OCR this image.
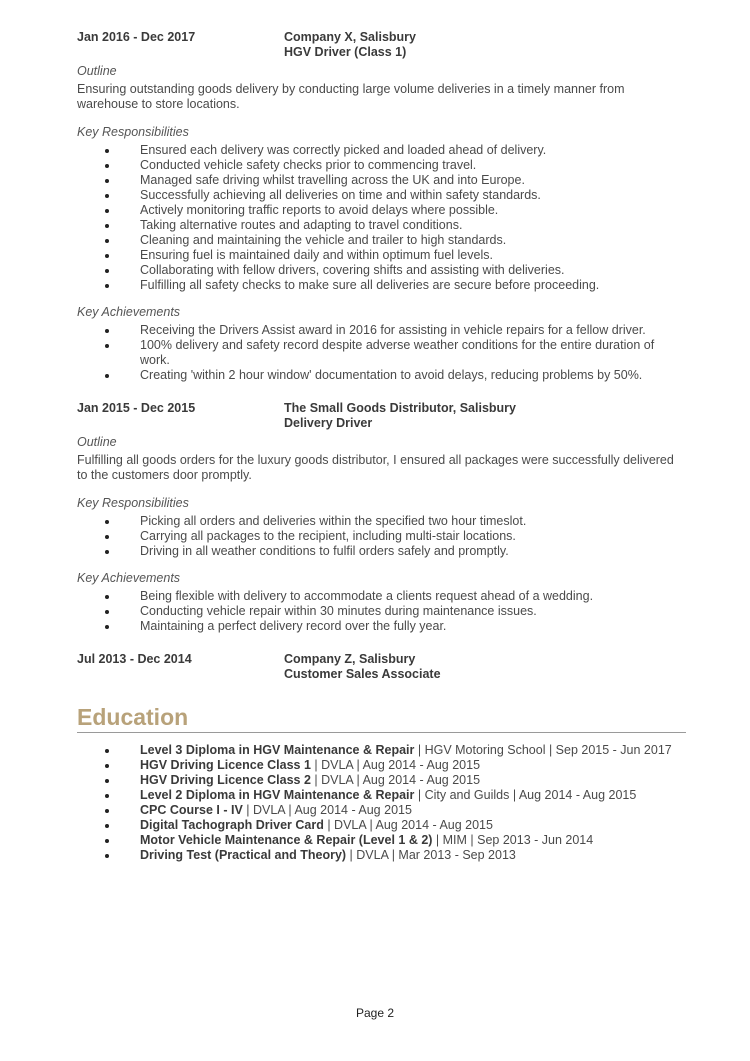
Jan 2016 - Dec 2017	Company X, Salisbury
HGV Driver (Class 1)
Outline

Ensuring outstanding goods delivery by conducting large volume deliveries in a timely manner from warehouse to store locations.

Key Responsibilities
Ensured each delivery was correctly picked and loaded ahead of delivery.
Conducted vehicle safety checks prior to commencing travel.
Managed safe driving whilst travelling across the UK and into Europe.
Successfully achieving all deliveries on time and within safety standards.
Actively monitoring traffic reports to avoid delays where possible.
Taking alternative routes and adapting to travel conditions.
Cleaning and maintaining the vehicle and trailer to high standards.
Ensuring fuel is maintained daily and within optimum fuel levels.
Collaborating with fellow drivers, covering shifts and assisting with deliveries.
Fulfilling all safety checks to make sure all deliveries are secure before proceeding.
Key Achievements
Receiving the Drivers Assist award in 2016 for assisting in vehicle repairs for a fellow driver.
100% delivery and safety record despite adverse weather conditions for the entire duration of work.
Creating 'within 2 hour window' documentation to avoid delays, reducing problems by 50%.
Jan 2015 - Dec 2015	The Small Goods Distributor, Salisbury
Delivery Driver
Outline

Fulfilling all goods orders for the luxury goods distributor, I ensured all packages were successfully delivered to the customers door promptly.

Key Responsibilities
Picking all orders and deliveries within the specified two hour timeslot.
Carrying all packages to the recipient, including multi-stair locations.
Driving in all weather conditions to fulfil orders safely and promptly.
Key Achievements
Being flexible with delivery to accommodate a clients request ahead of a wedding.
Conducting vehicle repair within 30 minutes during maintenance issues.
Maintaining a perfect delivery record over the fully year.
Jul 2013 - Dec 2014	Company Z, Salisbury
Customer Sales Associate
Education
Level 3 Diploma in HGV Maintenance & Repair | HGV Motoring School | Sep 2015 - Jun 2017
HGV Driving Licence Class 1 | DVLA | Aug 2014 - Aug 2015
HGV Driving Licence Class 2 | DVLA | Aug 2014 - Aug 2015
Level 2 Diploma in HGV Maintenance & Repair | City and Guilds | Aug 2014 - Aug 2015
CPC Course I - IV | DVLA | Aug 2014 - Aug 2015
Digital Tachograph Driver Card | DVLA | Aug 2014 - Aug 2015
Motor Vehicle Maintenance & Repair (Level 1 & 2) | MIM | Sep 2013 - Jun 2014
Driving Test (Practical and Theory) | DVLA | Mar 2013 - Sep 2013
Page 2
